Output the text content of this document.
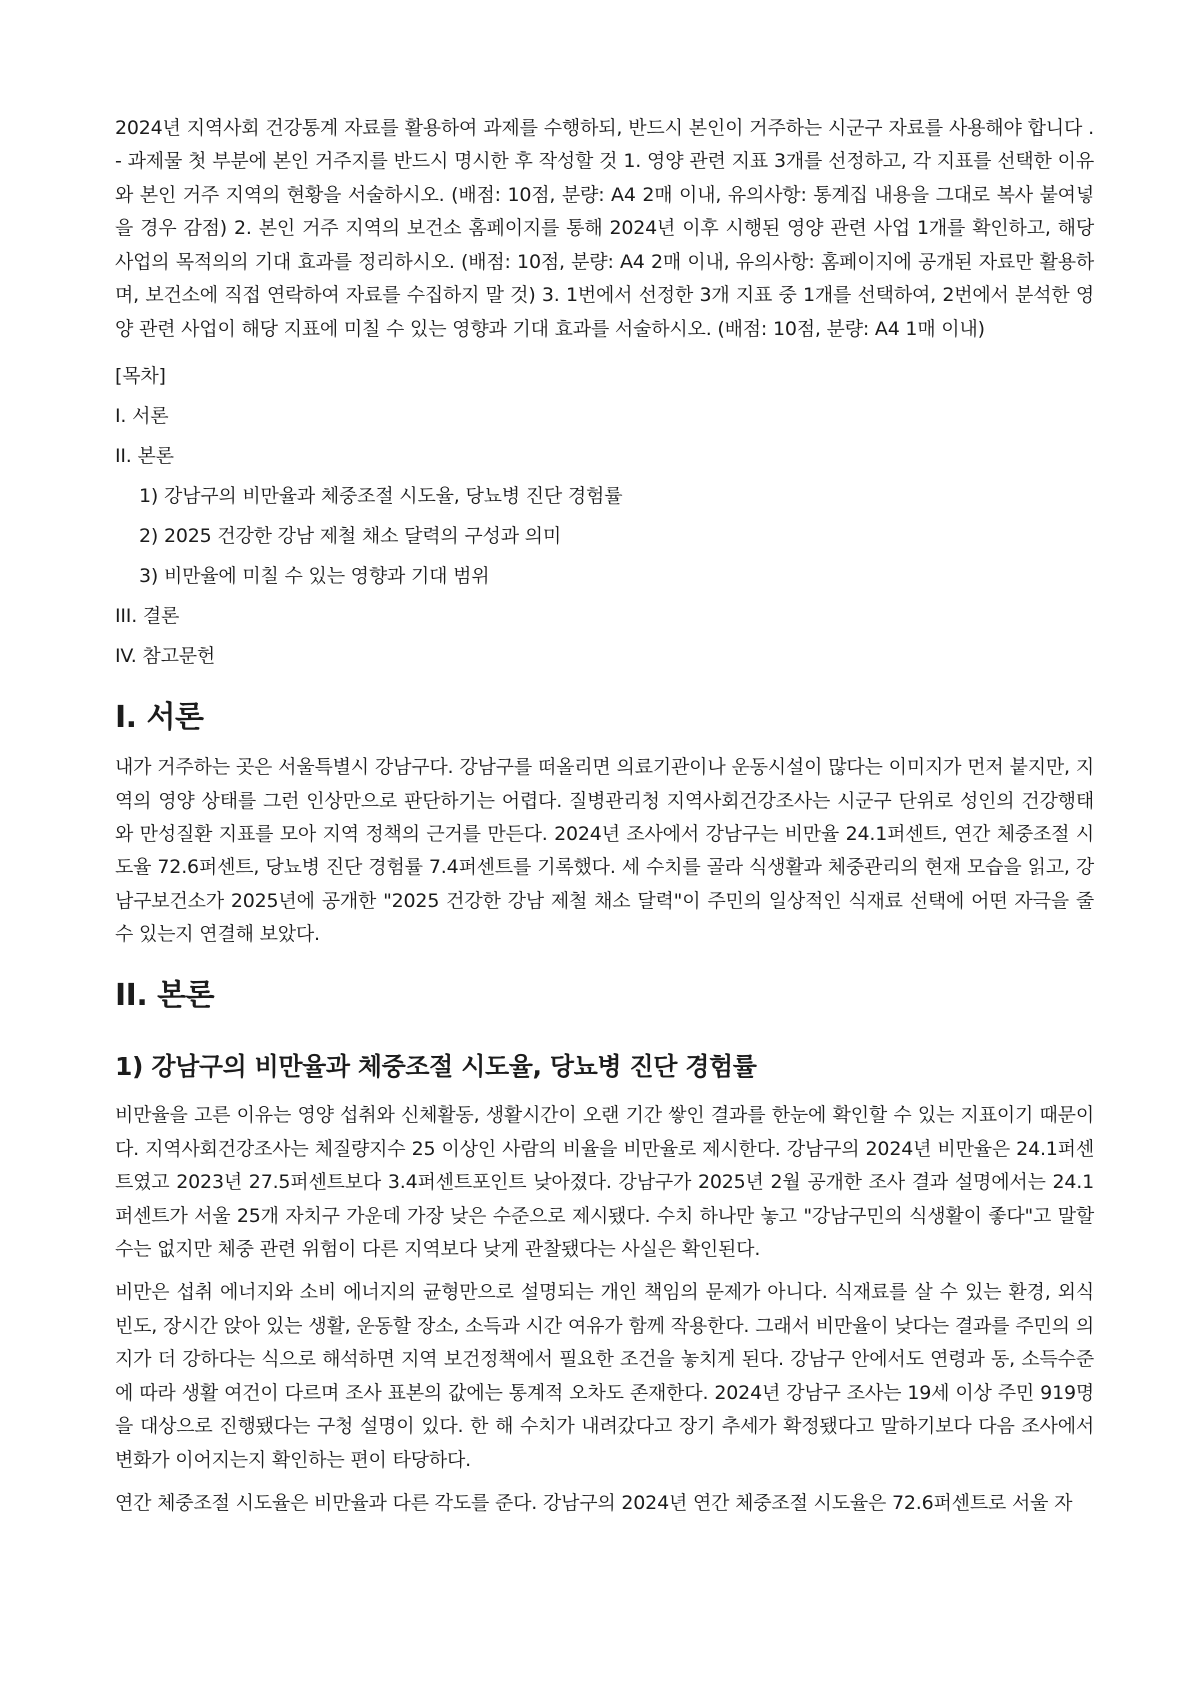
2024년 지역사회 건강통계 자료를 활용하여 과제를 수행하되, 반드시 본인이 거주하는 시군구 자료를 사용해야 합니다 . - 과제물 첫 부분에 본인 거주지를 반드시 명시한 후 작성할 것 1. 영양 관련 지표 3개를 선정하고, 각 지표를 선택한 이유와 본인 거주 지역의 현황을 서술하시오. (배점: 10점, 분량: A4 2매 이내, 유의사항: 통계집 내용을 그대로 복사 붙여넣을 경우 감점) 2. 본인 거주 지역의 보건소 홈페이지를 통해 2024년 이후 시행된 영양 관련 사업 1개를 확인하고, 해당 사업의 목적의의 기대 효과를 정리하시오. (배점: 10점, 분량: A4 2매 이내, 유의사항: 홈페이지에 공개된 자료만 활용하며, 보건소에 직접 연락하여 자료를 수집하지 말 것) 3. 1번에서 선정한 3개 지표 중 1개를 선택하여, 2번에서 분석한 영양 관련 사업이 해당 지표에 미칠 수 있는 영향과 기대 효과를 서술하시오. (배점: 10점, 분량: A4 1매 이내)

[목차]
I. 서론
II. 본론
1) 강남구의 비만율과 체중조절 시도율, 당뇨병 진단 경험률
2) 2025 건강한 강남 제철 채소 달력의 구성과 의미
3) 비만율에 미칠 수 있는 영향과 기대 범위
III. 결론
IV. 참고문헌
I. 서론

내가 거주하는 곳은 서울특별시 강남구다. 강남구를 떠올리면 의료기관이나 운동시설이 많다는 이미지가 먼저 붙지만, 지역의 영양 상태를 그런 인상만으로 판단하기는 어렵다. 질병관리청 지역사회건강조사는 시군구 단위로 성인의 건강행태와 만성질환 지표를 모아 지역 정책의 근거를 만든다. 2024년 조사에서 강남구는 비만율 24.1퍼센트, 연간 체중조절 시도율 72.6퍼센트, 당뇨병 진단 경험률 7.4퍼센트를 기록했다. 세 수치를 골라 식생활과 체중관리의 현재 모습을 읽고, 강남구보건소가 2025년에 공개한 "2025 건강한 강남 제철 채소 달력"이 주민의 일상적인 식재료 선택에 어떤 자극을 줄 수 있는지 연결해 보았다.

II. 본론
1) 강남구의 비만율과 체중조절 시도율, 당뇨병 진단 경험률

비만율을 고른 이유는 영양 섭취와 신체활동, 생활시간이 오랜 기간 쌓인 결과를 한눈에 확인할 수 있는 지표이기 때문이다. 지역사회건강조사는 체질량지수 25 이상인 사람의 비율을 비만율로 제시한다. 강남구의 2024년 비만율은 24.1퍼센트였고 2023년 27.5퍼센트보다 3.4퍼센트포인트 낮아졌다. 강남구가 2025년 2월 공개한 조사 결과 설명에서는 24.1퍼센트가 서울 25개 자치구 가운데 가장 낮은 수준으로 제시됐다. 수치 하나만 놓고 "강남구민의 식생활이 좋다"고 말할 수는 없지만 체중 관련 위험이 다른 지역보다 낮게 관찰됐다는 사실은 확인된다.

비만은 섭취 에너지와 소비 에너지의 균형만으로 설명되는 개인 책임의 문제가 아니다. 식재료를 살 수 있는 환경, 외식 빈도, 장시간 앉아 있는 생활, 운동할 장소, 소득과 시간 여유가 함께 작용한다. 그래서 비만율이 낮다는 결과를 주민의 의지가 더 강하다는 식으로 해석하면 지역 보건정책에서 필요한 조건을 놓치게 된다. 강남구 안에서도 연령과 동, 소득수준에 따라 생활 여건이 다르며 조사 표본의 값에는 통계적 오차도 존재한다. 2024년 강남구 조사는 19세 이상 주민 919명을 대상으로 진행됐다는 구청 설명이 있다. 한 해 수치가 내려갔다고 장기 추세가 확정됐다고 말하기보다 다음 조사에서 변화가 이어지는지 확인하는 편이 타당하다.

연간 체중조절 시도율은 비만율과 다른 각도를 준다. 강남구의 2024년 연간 체중조절 시도율은 72.6퍼센트로 서울 자
